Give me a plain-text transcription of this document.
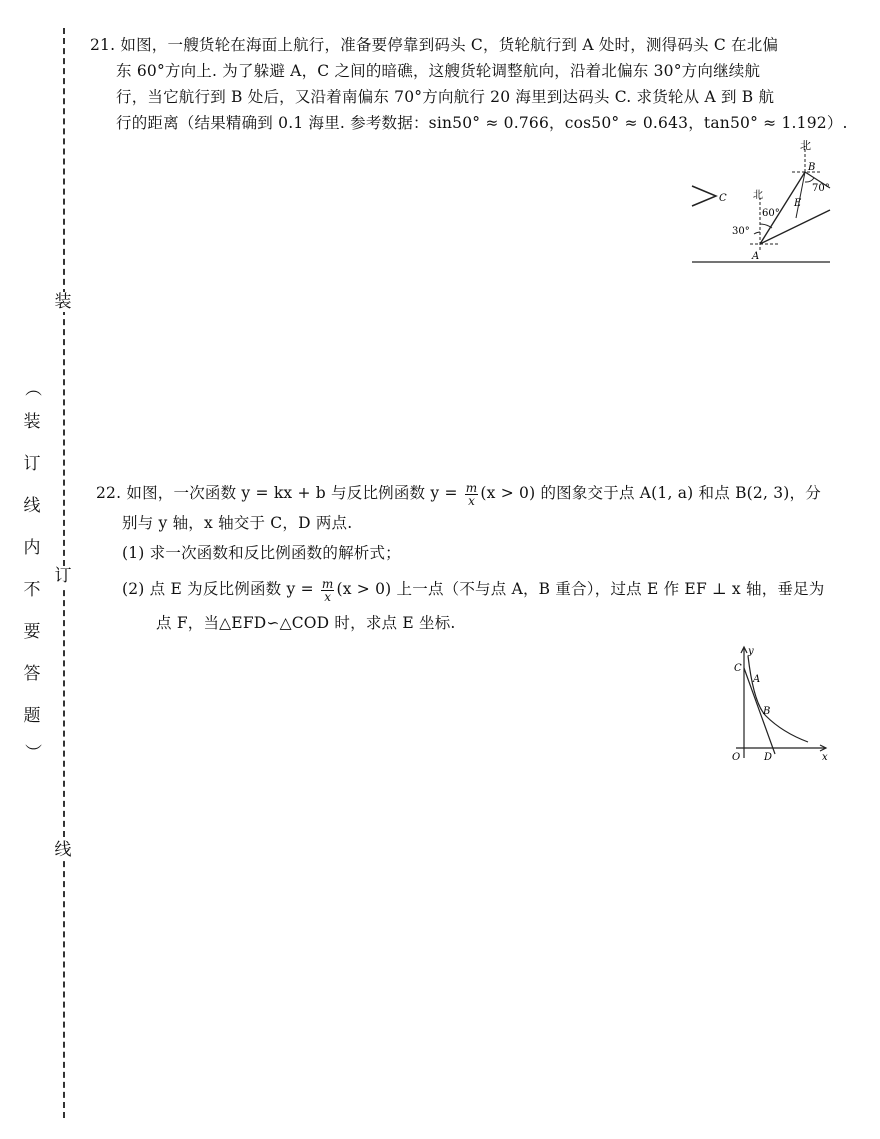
装
订
线
（
装
订
线
内
不
要
答
题
）
21. 如图，一艘货轮在海面上航行，准备要停靠到码头 C，货轮航行到 A 处时，测得码头 C 在北偏
东 60°方向上. 为了躲避 A，C 之间的暗礁，这艘货轮调整航向，沿着北偏东 30°方向继续航
行，当它航行到 B 处后，又沿着南偏东 70°方向航行 20 海里到达码头 C. 求货轮从 A 到 B 航
行的距离（结果精确到 0.1 海里. 参考数据：sin50° ≈ 0.766，cos50° ≈ 0.643，tan50° ≈ 1.192）.
北
B
70°
C	北
E
60°
30°
A
22. 如图，一次函数 y = kx + b 与反比例函数 $y = \frac{m}{x} (x > 0)$ 的图象交于点 A(1, a) 和点 B(2, 3)，分
别与 y 轴，x 轴交于 C，D 两点.
(1) 求一次函数和反比例函数的解析式；
(2) 点 E 为反比例函数 $y = \frac{m}{x} (x > 0)$ 上一点（不与点 A，B 重合），过点 E 作 EF ⊥ x 轴，垂足为
点 F，当△EFD∽△COD 时，求点 E 坐标.
y
x
O
C
A
B
D
